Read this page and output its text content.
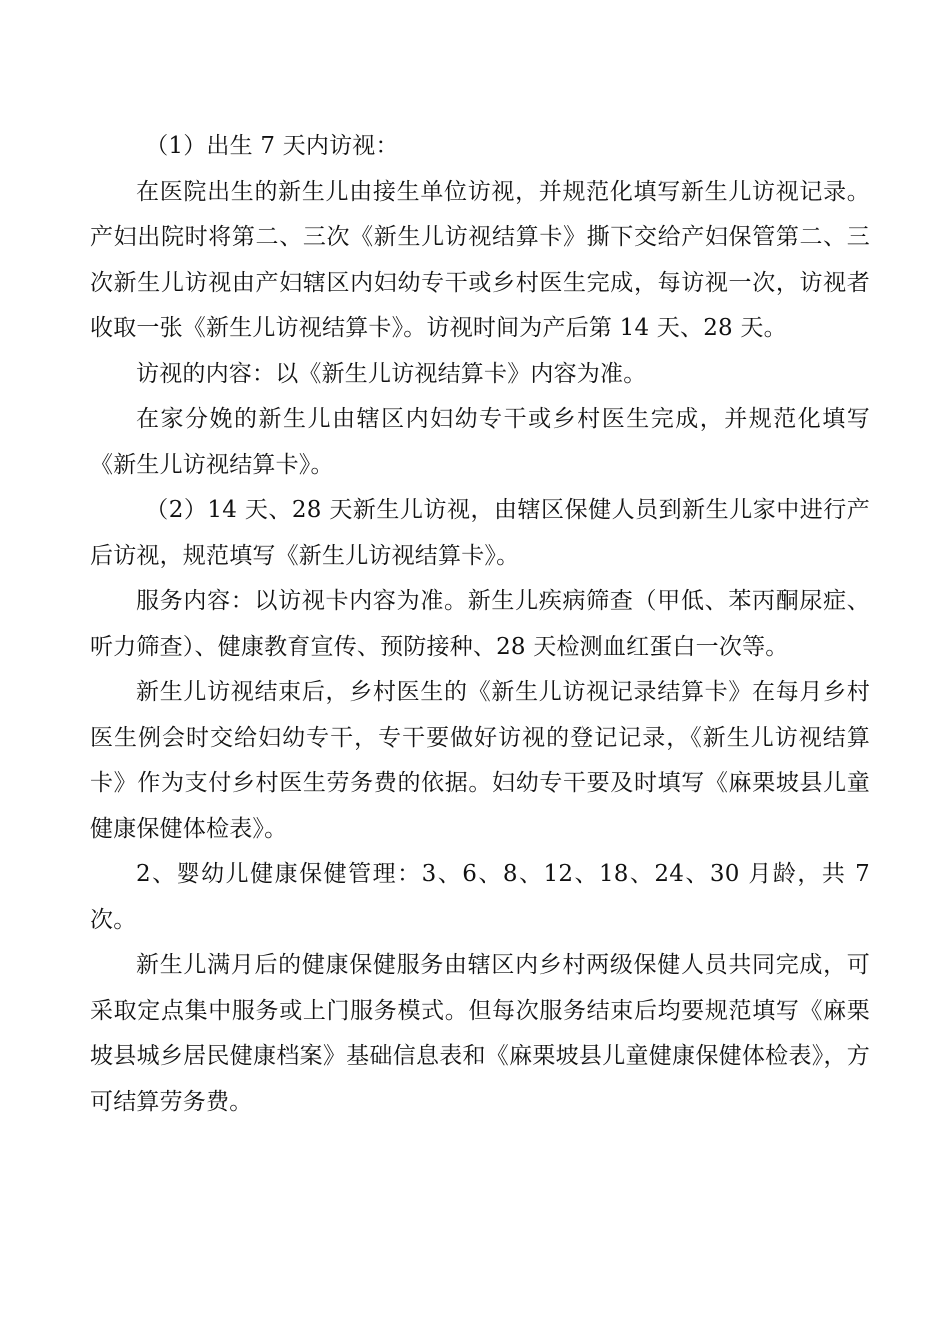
（1）出生 7 天内访视：

在医院出生的新生儿由接生单位访视，并规范化填写新生儿访视记录。产妇出院时将第二、三次《新生儿访视结算卡》撕下交给产妇保管第二、三次新生儿访视由产妇辖区内妇幼专干或乡村医生完成，每访视一次，访视者收取一张《新生儿访视结算卡》。访视时间为产后第 14 天、28 天。

访视的内容：以《新生儿访视结算卡》内容为准。

在家分娩的新生儿由辖区内妇幼专干或乡村医生完成，并规范化填写《新生儿访视结算卡》。

（2）14 天、28 天新生儿访视，由辖区保健人员到新生儿家中进行产后访视，规范填写《新生儿访视结算卡》。

服务内容：以访视卡内容为准。新生儿疾病筛查（甲低、苯丙酮尿症、听力筛查）、健康教育宣传、预防接种、28 天检测血红蛋白一次等。

新生儿访视结束后，乡村医生的《新生儿访视记录结算卡》在每月乡村医生例会时交给妇幼专干，专干要做好访视的登记记录，《新生儿访视结算卡》作为支付乡村医生劳务费的依据。妇幼专干要及时填写《麻栗坡县儿童健康保健体检表》。

2、婴幼儿健康保健管理：3、6、8、12、18、24、30 月龄，共 7 次。

新生儿满月后的健康保健服务由辖区内乡村两级保健人员共同完成，可采取定点集中服务或上门服务模式。但每次服务结束后均要规范填写《麻栗坡县城乡居民健康档案》基础信息表和《麻栗坡县儿童健康保健体检表》，方可结算劳务费。
